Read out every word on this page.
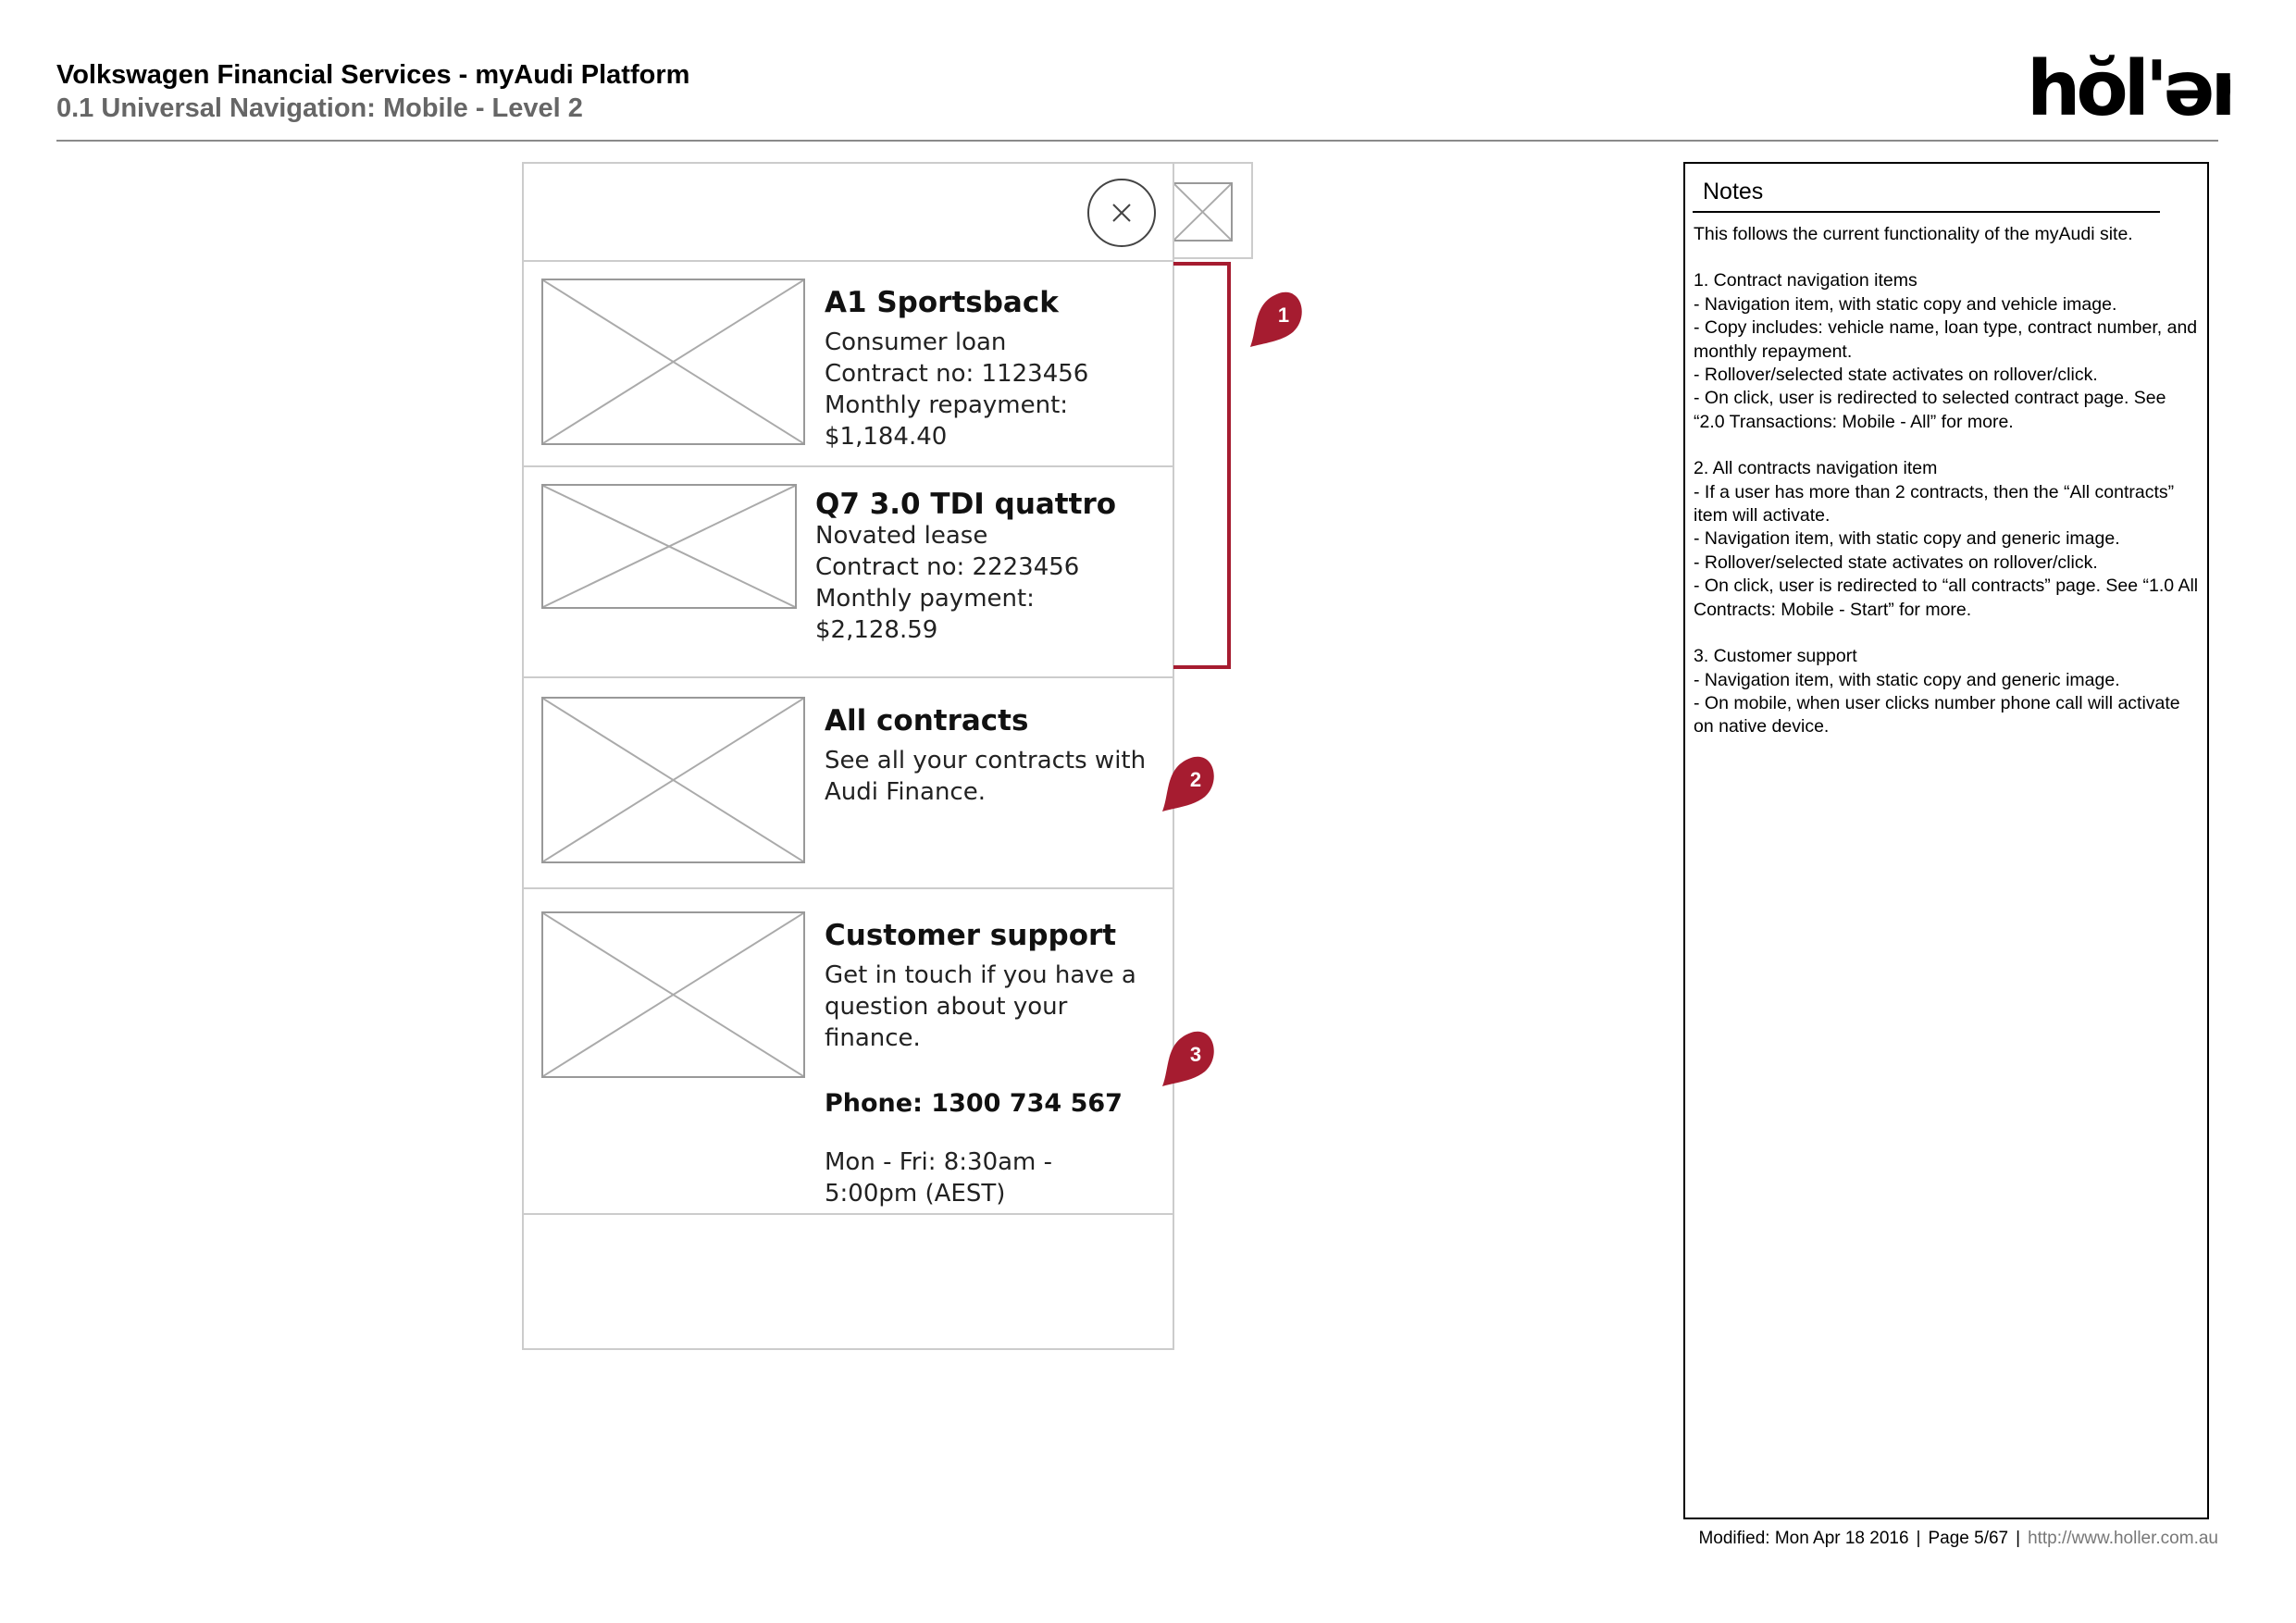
Volkswagen Financial Services - myAudi Platform
0.1 Universal Navigation: Mobile - Level 2	hŏl'ər
A1 Sportsback
Consumer loan
Contract no: 1123456
Monthly repayment:
$1,184.40
Q7 3.0 TDI quattro
Novated lease
Contract no: 2223456
Monthly payment:
$2,128.59
All contracts
See all your contracts with
Audi Finance.
Customer support
Get in touch if you have a
question about your
finance.
Phone: 1300 734 567
Mon - Fri: 8:30am -
5:00pm (AEST)
1
2
3
Notes

This follows the current functionality of the myAudi site.

1. Contract navigation items

- Navigation item, with static copy and vehicle image.

- Copy includes: vehicle name, loan type, contract number, and monthly repayment.

- Rollover/selected state activates on rollover/click.

- On click, user is redirected to selected contract page. See “2.0 Transactions: Mobile - All” for more.

2. All contracts navigation item

- If a user has more than 2 contracts, then the “All contracts” item will activate.

- Navigation item, with static copy and generic image.

- Rollover/selected state activates on rollover/click.

- On click, user is redirected to “all contracts” page. See “1.0 All Contracts: Mobile - Start” for more.

3. Customer support

- Navigation item, with static copy and generic image.

- On mobile, when user clicks number phone call will activate on native device.

Modified: Mon Apr 18 2016 | Page 5/67 | http://www.holler.com.au
